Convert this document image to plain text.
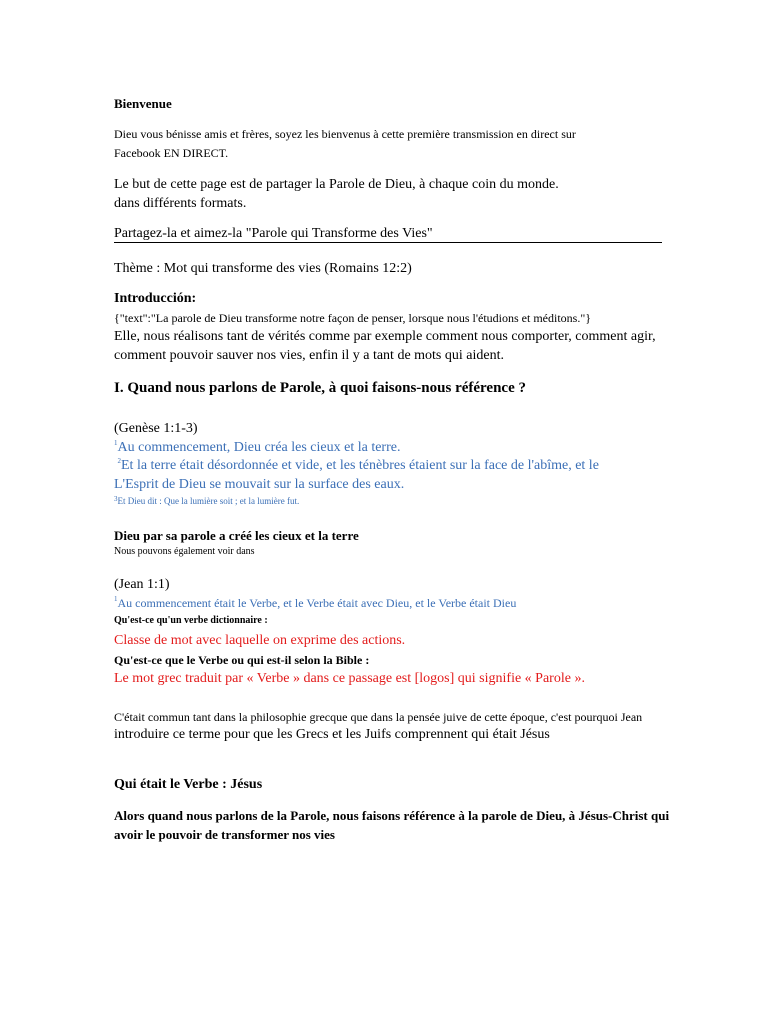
Bienvenue
Dieu vous bénisse amis et frères, soyez les bienvenus à cette première transmission en direct sur
Facebook EN DIRECT.
Le but de cette page est de partager la Parole de Dieu, à chaque coin du monde.
dans différents formats.
Partagez-la et aimez-la "Parole qui Transforme des Vies"
Thème : Mot qui transforme des vies (Romains 12:2)
Introducción:
{"text":"La parole de Dieu transforme notre façon de penser, lorsque nous l'étudions et méditons."}
Elle, nous réalisons tant de vérités comme par exemple comment nous comporter, comment agir,
comment pouvoir sauver nos vies, enfin il y a tant de mots qui aident.
I. Quand nous parlons de Parole, à quoi faisons-nous référence ?
(Genèse 1:1-3)
$^1$Au commencement, Dieu créa les cieux et la terre.
$^2$Et la terre était désordonnée et vide, et les ténèbres étaient sur la face de l'abîme, et le
L'Esprit de Dieu se mouvait sur la surface des eaux.
$^3$Et Dieu dit : Que la lumière soit ; et la lumière fut.
Dieu par sa parole a créé les cieux et la terre
Nous pouvons également voir dans
(Jean 1:1)
$^1$Au commencement était le Verbe, et le Verbe était avec Dieu, et le Verbe était Dieu
Qu'est-ce qu'un verbe dictionnaire :
Classe de mot avec laquelle on exprime des actions.
Qu'est-ce que le Verbe ou qui est-il selon la Bible :
Le mot grec traduit par « Verbe » dans ce passage est [logos] qui signifie « Parole ».
C'était commun tant dans la philosophie grecque que dans la pensée juive de cette époque, c'est pourquoi Jean
introduire ce terme pour que les Grecs et les Juifs comprennent qui était Jésus
Qui était le Verbe : Jésus
Alors quand nous parlons de la Parole, nous faisons référence à la parole de Dieu, à Jésus-Christ qui
avoir le pouvoir de transformer nos vies
